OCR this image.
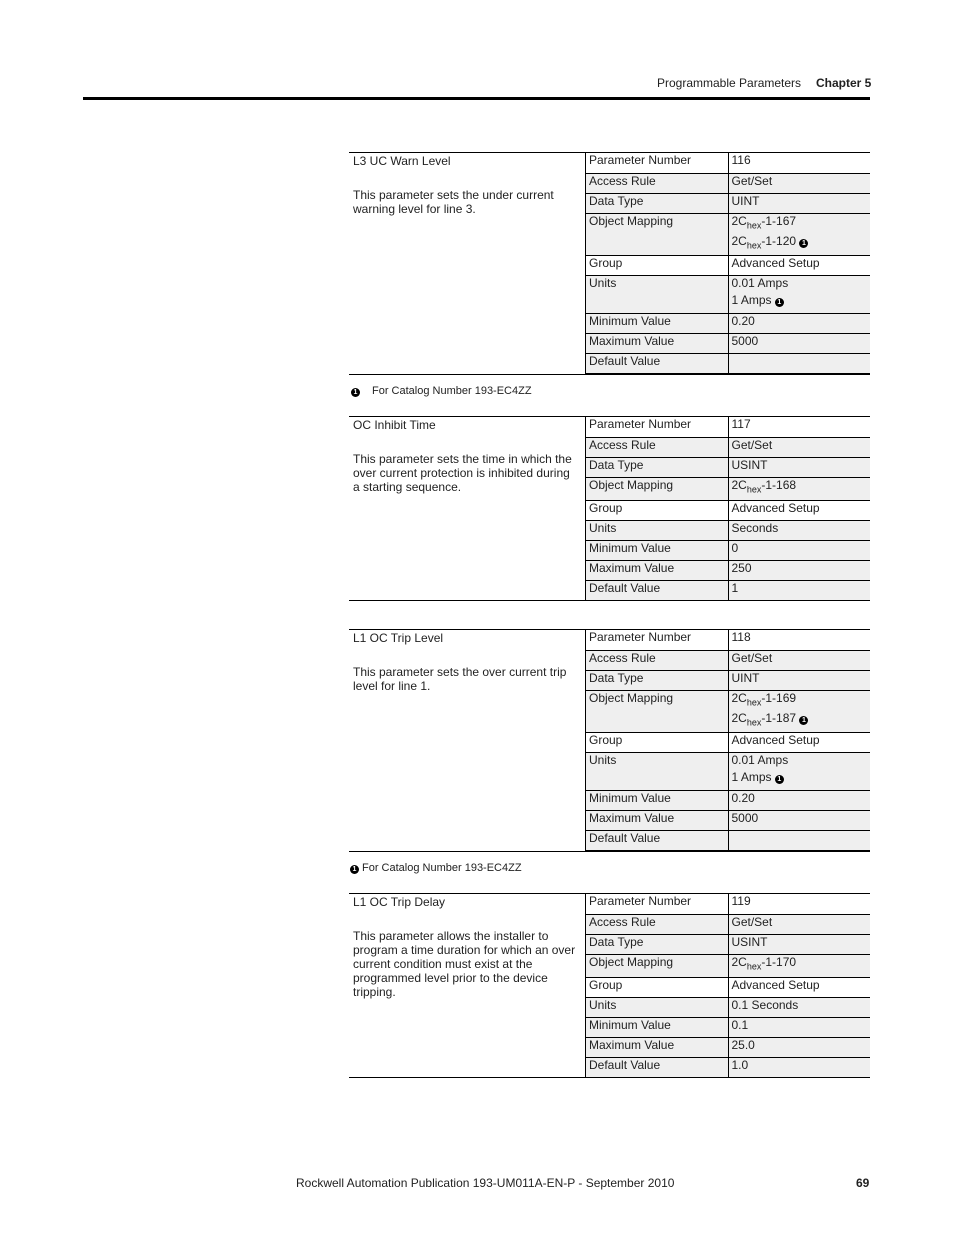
Programmable Parameters Chapter 5
L3 UC Warn Level
This parameter sets the under current warning level for line 3.
Parameter Number	116
Access Rule	Get/Set
Data Type	UINT
Object Mapping	$2C_{hex}-1-167$
$2C_{hex}-1-120$ 1

Group	Advanced Setup
Units	0.01 Amps
1 Amps 1

Minimum Value	0.20
Maximum Value	5000
Default Value	
1 For Catalog Number 193-EC4ZZ
OC Inhibit Time
This parameter sets the time in which the over current protection is inhibited during a starting sequence.
Parameter Number	117
Access Rule	Get/Set
Data Type	USINT
Object Mapping	$2C_{hex}-1-168$
Group	Advanced Setup
Units	Seconds
Minimum Value	0
Maximum Value	250
Default Value	1
L1 OC Trip Level
This parameter sets the over current trip level for line 1.
Parameter Number	118
Access Rule	Get/Set
Data Type	UINT
Object Mapping	$2C_{hex}-1-169$
$2C_{hex}-1-187$ 1

Group	Advanced Setup
Units	0.01 Amps
1 Amps 1

Minimum Value	0.20
Maximum Value	5000
Default Value	
1 For Catalog Number 193-EC4ZZ
L1 OC Trip Delay
This parameter allows the installer to program a time duration for which an over current condition must exist at the programmed level prior to the device tripping.
Parameter Number	119
Access Rule	Get/Set
Data Type	USINT
Object Mapping	$2C_{hex}-1-170$
Group	Advanced Setup
Units	0.1 Seconds
Minimum Value	0.1
Maximum Value	25.0
Default Value	1.0
Rockwell Automation Publication 193-UM011A-EN-P - September 2010	69
